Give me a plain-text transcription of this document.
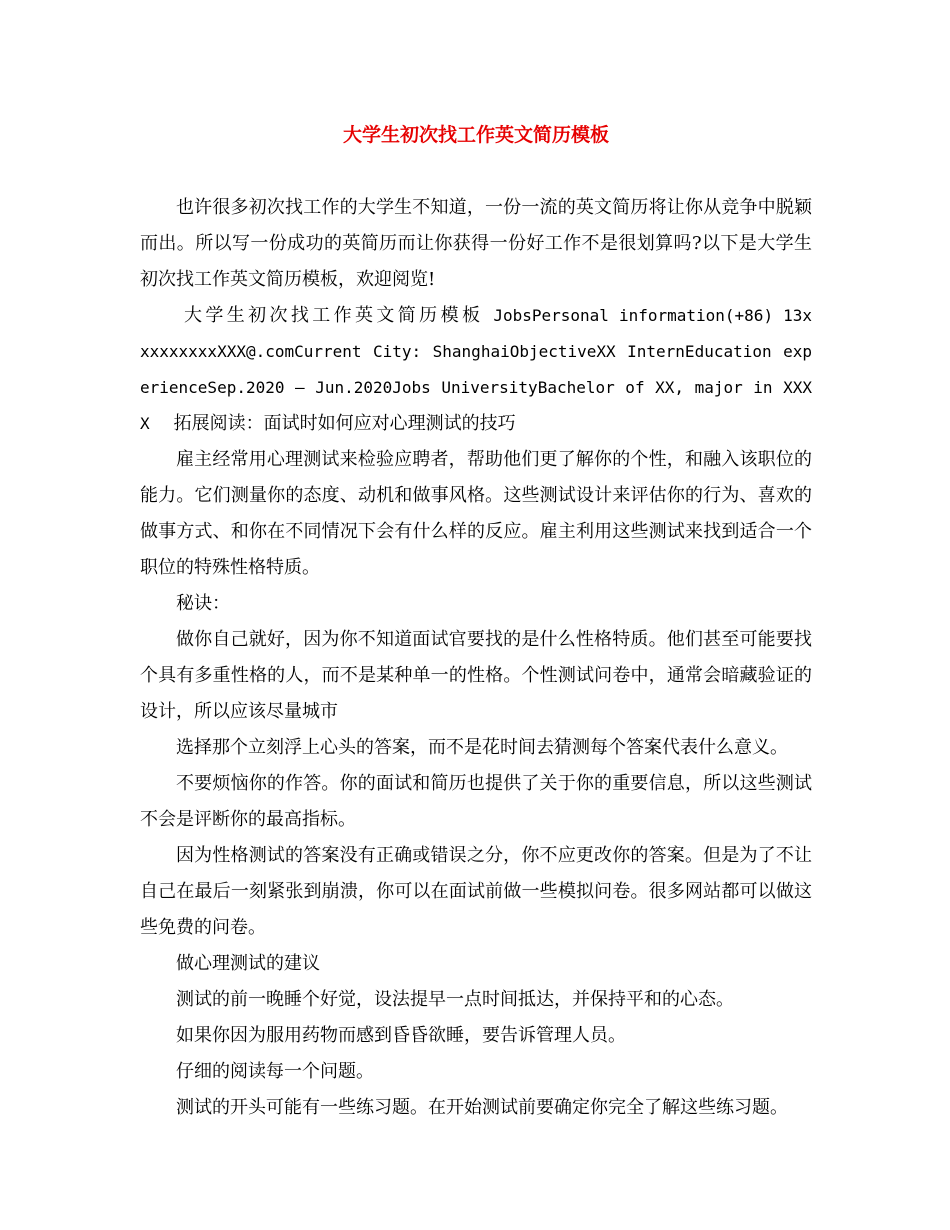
大学生初次找工作英文简历模板

也许很多初次找工作的大学生不知道，一份一流的英文简历将让你从竞争中脱颖而出。所以写一份成功的英简历而让你获得一份好工作不是很划算吗?以下是大学生初次找工作英文简历模板，欢迎阅览!

大学生初次找工作英文简历模板 JobsPersonal information(+86) 13xxxxxxxxxXXX@.comCurrent City: ShanghaiObjectiveXX InternEducation experienceSep.2020 – Jun.2020Jobs UniversityBachelor of XX, major in XXXX 拓展阅读：面试时如何应对心理测试的技巧

雇主经常用心理测试来检验应聘者，帮助他们更了解你的个性，和融入该职位的能力。它们测量你的态度、动机和做事风格。这些测试设计来评估你的行为、喜欢的做事方式、和你在不同情况下会有什么样的反应。雇主利用这些测试来找到适合一个职位的特殊性格特质。

秘诀：

做你自己就好，因为你不知道面试官要找的是什么性格特质。他们甚至可能要找个具有多重性格的人，而不是某种单一的性格。个性测试问卷中，通常会暗藏验证的设计，所以应该尽量城市

选择那个立刻浮上心头的答案，而不是花时间去猜测每个答案代表什么意义。

不要烦恼你的作答。你的面试和简历也提供了关于你的重要信息，所以这些测试不会是评断你的最高指标。

因为性格测试的答案没有正确或错误之分，你不应更改你的答案。但是为了不让自己在最后一刻紧张到崩溃，你可以在面试前做一些模拟问卷。很多网站都可以做这些免费的问卷。

做心理测试的建议

测试的前一晚睡个好觉，设法提早一点时间抵达，并保持平和的心态。

如果你因为服用药物而感到昏昏欲睡，要告诉管理人员。

仔细的阅读每一个问题。

测试的开头可能有一些练习题。在开始测试前要确定你完全了解这些练习题。
